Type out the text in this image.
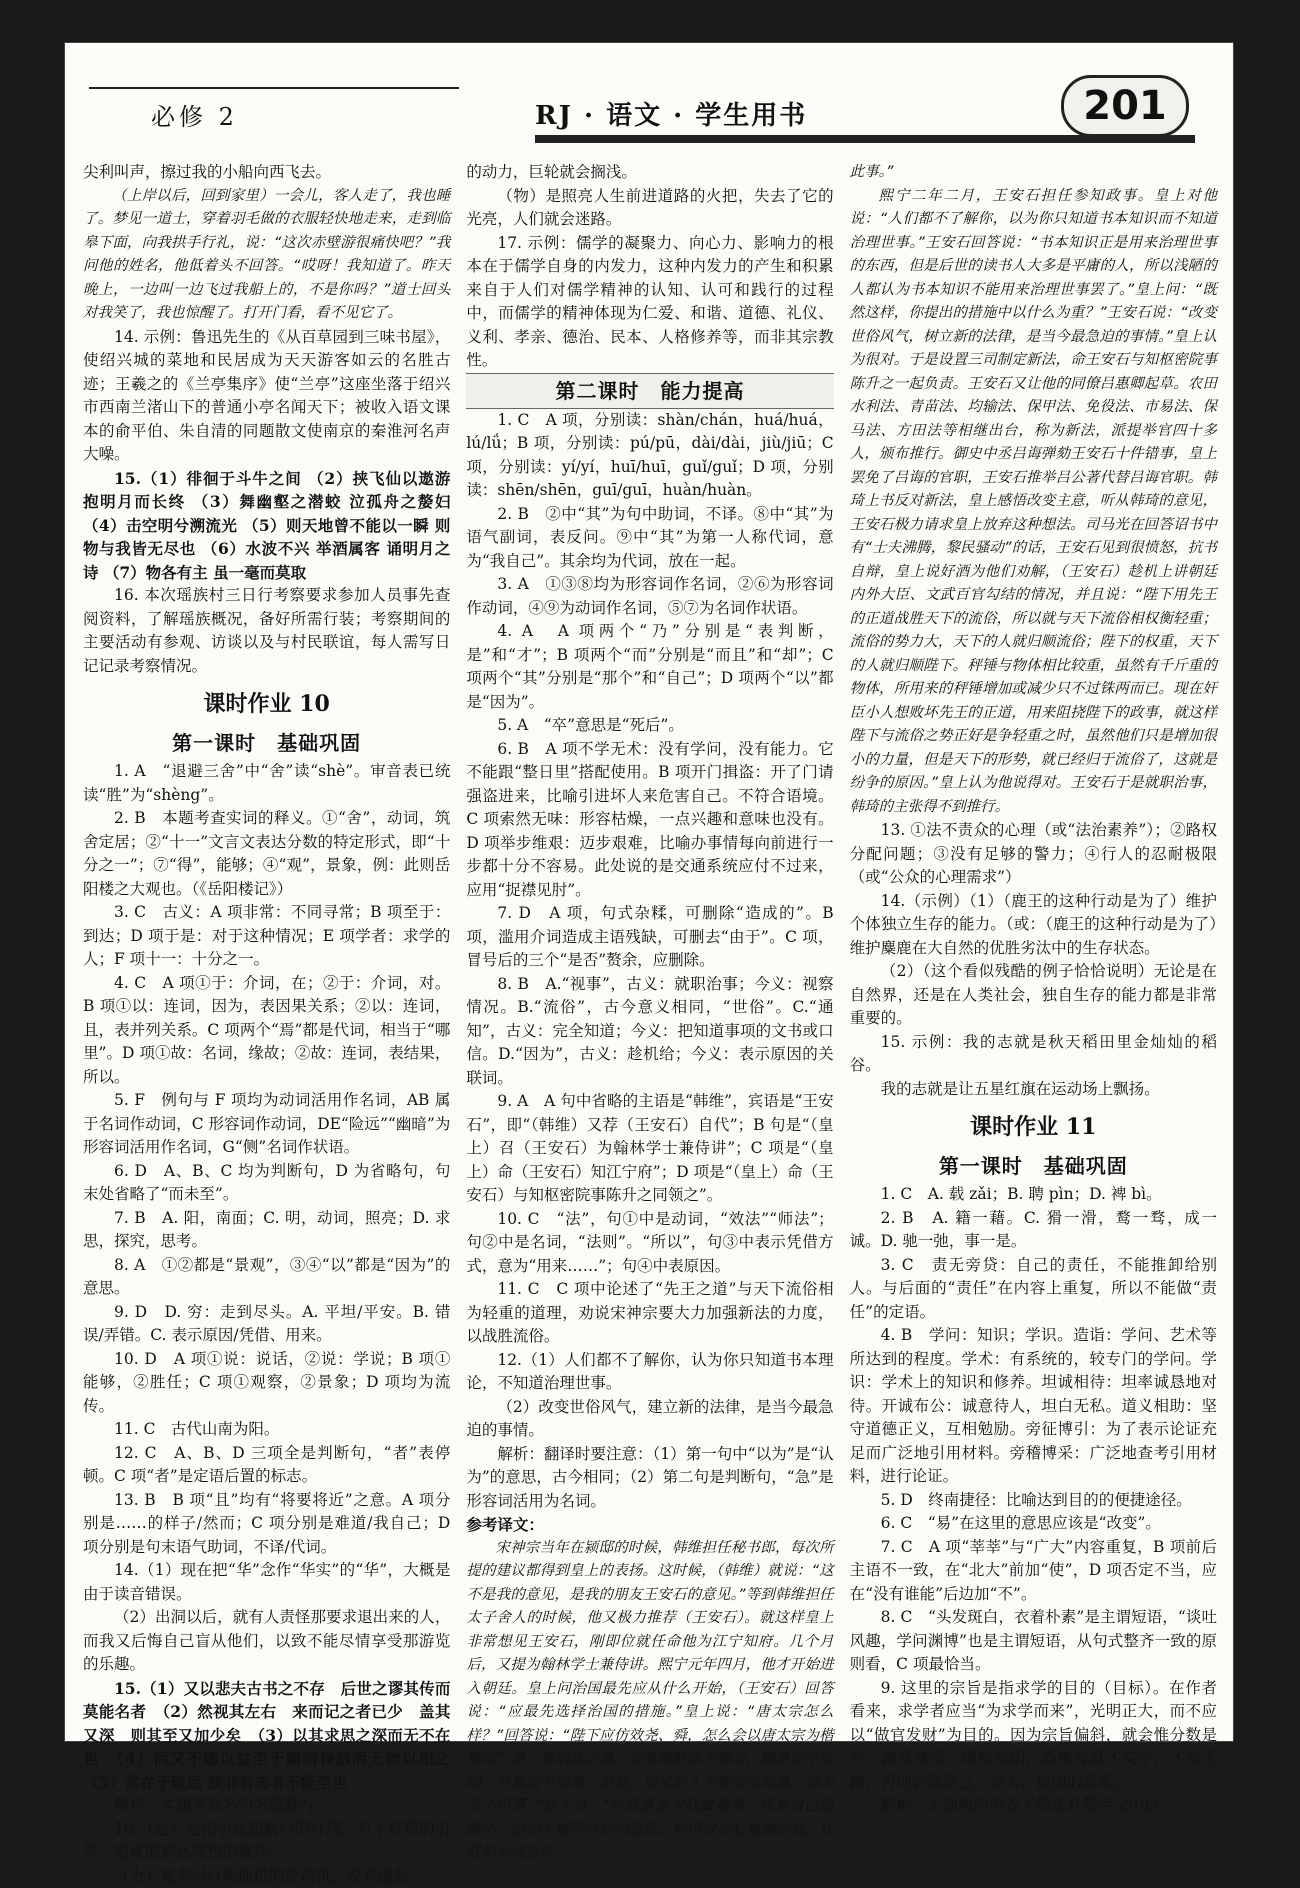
必修 2	RJ · 语文 · 学生用书	201

尖利叫声，擦过我的小船向西飞去。

（上岸以后，回到家里）一会儿，客人走了，我也睡了。梦见一道士，穿着羽毛做的衣服轻快地走来，走到临皋下面，向我拱手行礼，说：“这次赤壁游很痛快吧？”我问他的姓名，他低着头不回答。“哎呀！我知道了。昨天晚上，一边叫一边飞过我船上的，不是你吗？”道士回头对我笑了，我也惊醒了。打开门看，看不见它了。

14. 示例：鲁迅先生的《从百草园到三味书屋》，使绍兴城的菜地和民居成为天天游客如云的名胜古迹；王羲之的《兰亭集序》使“兰亭”这座坐落于绍兴市西南兰渚山下的普通小亭名闻天下；被收入语文课本的俞平伯、朱自清的同题散文使南京的秦淮河名声大噪。

15.（1）徘徊于斗牛之间 （2）挟飞仙以遨游 抱明月而长终 （3）舞幽壑之潜蛟 泣孤舟之嫠妇 （4）击空明兮溯流光 （5）则天地曾不能以一瞬 则物与我皆无尽也 （6）水波不兴 举酒属客 诵明月之诗 （7）物各有主 虽一毫而莫取

16. 本次瑶族村三日行考察要求参加人员事先查阅资料，了解瑶族概况，备好所需行装；考察期间的主要活动有参观、访谈以及与村民联谊，每人需写日记记录考察情况。

课时作业 10

第一课时　基础巩固

1. A　“退避三舍”中“舍”读“shè”。审音表已统读“胜”为“shèng”。

2. B　本题考查实词的释义。①“舍”，动词，筑舍定居；②“十一”文言文表达分数的特定形式，即“十分之一”；⑦“得”，能够；④“观”，景象，例：此则岳阳楼之大观也。（《岳阳楼记》）

3. C　古义：A 项非常：不同寻常；B 项至于：到达；D 项于是：对于这种情况；E 项学者：求学的人；F 项十一：十分之一。

4. C　A 项①于：介词，在；②于：介词，对。B 项①以：连词，因为，表因果关系；②以：连词，且，表并列关系。C 项两个“焉”都是代词，相当于“哪里”。D 项①故：名词，缘故；②故：连词，表结果，所以。

5. F　例句与 F 项均为动词活用作名词，AB 属于名词作动词，C 形容词作动词，DE“险远”“幽暗”为形容词活用作名词，G“侧”名词作状语。

6. D　A、B、C 均为判断句，D 为省略句，句末处省略了“而未至”。

7. B　A. 阳，南面；C. 明，动词，照亮；D. 求思，探究，思考。

8. A　①②都是“景观”，③④“以”都是“因为”的意思。

9. D　D. 穷：走到尽头。A. 平坦/平安。B. 错误/弄错。C. 表示原因/凭借、用来。

10. D　A 项①说：说话，②说：学说；B 项①能够，②胜任；C 项①观察，②景象；D 项均为流传。

11. C　古代山南为阳。

12. C　A、B、D 三项全是判断句，“者”表停顿。C 项“者”是定语后置的标志。

13. B　B 项“且”均有“将要将近”之意。A 项分别是……的样子/然而；C 项分别是难道/我自己；D 项分别是句末语气助词，不译/代词。

14.（1）现在把“华”念作“华实”的“华”，大概是由于读音错误。

（2）出洞以后，就有人责怪那要求退出来的人，而我又后悔自己盲从他们，以致不能尽情享受那游览的乐趣。

15.（1）又以悲夫古书之不存　后世之谬其传而莫能名者　（2）然视其左右　来而记之者已少　盖其又深　则其至又加少矣　（3）以其求思之深而无不在也　（4）而又不随以怠至于幽暗昏惑而无物以相之　（5）常在于险远 故非有志者不能至也

解析：本题考查名句名篇默写。

16.（志）是指引轮船航行的灯塔，有了灯塔的引导，船就能到达理想的彼岸。

（力）是牵引巨轮前进的发动机，没有强劲

的动力，巨轮就会搁浅。

（物）是照亮人生前进道路的火把，失去了它的光亮，人们就会迷路。

17. 示例：儒学的凝聚力、向心力、影响力的根本在于儒学自身的内发力，这种内发力的产生和积累来自于人们对儒学精神的认知、认可和践行的过程中，而儒学的精神体现为仁爱、和谐、道德、礼仪、义利、孝亲、德治、民本、人格修养等，而非其宗教性。

第二课时　能力提高

1. C　A 项，分别读：shàn/chán，huá/huá，lú/lǘ；B 项，分别读：pú/pū，dài/dài，jiù/jiū；C 项，分别读：yí/yí，huī/huī，guǐ/guǐ；D 项，分别读：shēn/shēn，guī/guī，huàn/huàn。

2. B　②中“其”为句中助词，不译。⑧中“其”为语气副词，表反问。⑨中“其”为第一人称代词，意为“我自己”。其余均为代词，放在一起。

3. A　①③⑧均为形容词作名词，②⑥为形容词作动词，④⑨为动词作名词，⑤⑦为名词作状语。

4. A　A 项两个“乃”分别是“表判断，是”和“才”；B 项两个“而”分别是“而且”和“却”；C 项两个“其”分别是“那个”和“自己”；D 项两个“以”都是“因为”。

5. A　“卒”意思是“死后”。

6. B　A 项不学无术：没有学问，没有能力。它不能跟“整日里”搭配使用。B 项开门揖盗：开了门请强盗进来，比喻引进坏人来危害自己。不符合语境。C 项索然无味：形容枯燥，一点兴趣和意味也没有。D 项举步维艰：迈步艰难，比喻办事情每向前进行一步都十分不容易。此处说的是交通系统应付不过来，应用“捉襟见肘”。

7. D　A 项，句式杂糅，可删除“造成的”。B 项，滥用介词造成主语残缺，可删去“由于”。C 项，冒号后的三个“是否”赘余，应删除。

8. B　A.“视事”，古义：就职治事；今义：视察情况。B.“流俗”，古今意义相同，“世俗”。C.“通知”，古义：完全知道；今义：把知道事项的文书或口信。D.“因为”，古义：趁机给；今义：表示原因的关联词。

9. A　A 句中省略的主语是“韩维”，宾语是“王安石”，即“（韩维）又荐（王安石）自代”；B 句是“（皇上）召（王安石）为翰林学士兼侍讲”；C 项是“（皇上）命（王安石）知江宁府”；D 项是“（皇上）命（王安石）与知枢密院事陈升之同领之”。

10. C　“法”，句①中是动词，“效法”“师法”；句②中是名词，“法则”。“所以”，句③中表示凭借方式，意为“用来……”；句④中表原因。

11. C　C 项中论述了“先王之道”与天下流俗相为轻重的道理，劝说宋神宗要大力加强新法的力度，以战胜流俗。

12.（1）人们都不了解你，认为你只知道书本理论，不知道治理世事。

（2）改变世俗风气，建立新的法律，是当今最急迫的事情。

解析：翻译时要注意：（1）第一句中“以为”是“认为”的意思，古今相同；（2）第二句是判断句，“急”是形容词活用为名词。

参考译文：

宋神宗当年在颍邸的时候，韩维担任秘书郎，每次所提的建议都得到皇上的表扬。这时候，（韩维）就说：“这不是我的意见，是我的朋友王安石的意见。”等到韩维担任太子舍人的时候，他又极力推荐（王安石）。就这样皇上非常想见王安石，刚即位就任命他为江宁知府。几个月后，又提为翰林学士兼侍讲。熙宁元年四月，他才开始进入朝廷。皇上问治国最先应从什么开始，（王安石）回答说：“应最先选择治国的措施。”皇上说：“唐太宗怎么样？”回答说：“陛下应仿效尧、舜，怎么会以唐太宗为楷模呢？尧、舜治政之道，非常简略而不繁杂，精要而不迂阔，容易而不烦难。但是，后来的人不能完全知道，以为高不可攀。”皇上说：“你真是要求我做难事，我看自己很渺小，恐怕不能符合你的意思。你可以尽心地辅助我，让我们共同完成

此事。”

熙宁二年二月，王安石担任参知政事。皇上对他说：“人们都不了解你，以为你只知道书本知识而不知道治理世事。”王安石回答说：“书本知识正是用来治理世事的东西，但是后世的读书人大多是平庸的人，所以浅陋的人都认为书本知识不能用来治理世事罢了。”皇上问：“既然这样，你提出的措施中以什么为重？”王安石说：“改变世俗风气，树立新的法律，是当今最急迫的事情。”皇上认为很对。于是设置三司制定新法，命王安石与知枢密院事陈升之一起负责。王安石又让他的同僚吕惠卿起草。农田水利法、青苗法、均输法、保甲法、免役法、市易法、保马法、方田法等相继出台，称为新法，派提举官四十多人，颁布推行。御史中丞吕诲弹劾王安石十件错事，皇上罢免了吕诲的官职，王安石推举吕公著代替吕诲官职。韩琦上书反对新法，皇上感悟改变主意，听从韩琦的意见，王安石极力请求皇上放弃这种想法。司马光在回答诏书中有“士夫沸腾，黎民骚动”的话，王安石见到很愤怒，抗书自辩，皇上说好酒为他们劝解，（王安石）趁机上讲朝廷内外大臣、文武百官勾结的情况，并且说：“陛下用先王的正道战胜天下的流俗，所以就与天下流俗相权衡轻重；流俗的势力大，天下的人就归顺流俗；陛下的权重，天下的人就归顺陛下。秤锤与物体相比较重，虽然有千斤重的物体，所用来的秤锤增加或减少只不过铢两而已。现在奸臣小人想败坏先王的正道，用来阻挠陛下的政事，就这样陛下与流俗之势正好是争轻重之时，虽然他们只是增加很小的力量，但是天下的形势，就已经归于流俗了，这就是纷争的原因。”皇上认为他说得对。王安石于是就职治事，韩琦的主张得不到推行。

13. ①法不责众的心理（或“法治素养”）；②路权分配问题；③没有足够的警力；④行人的忍耐极限（或“公众的心理需求”）

14.（示例）（1）（鹿王的这种行动是为了）维护个体独立生存的能力。（或：（鹿王的这种行动是为了）维护麋鹿在大自然的优胜劣汰中的生存状态。

（2）（这个看似残酷的例子恰恰说明）无论是在自然界，还是在人类社会，独自生存的能力都是非常重要的。

15. 示例：我的志就是秋天稻田里金灿灿的稻谷。

我的志就是让五星红旗在运动场上飘扬。

课时作业 11

第一课时　基础巩固

1. C　A. 载 zǎi；B. 聘 pìn；D. 裨 bì。

2. B　A. 籍一藉。C. 猾一滑，鹜一骛，成一诚。D. 驰一弛，事一是。

3. C　责无旁贷：自己的责任，不能推卸给别人。与后面的“责任”在内容上重复，所以不能做“责任”的定语。

4. B　学问：知识；学识。造诣：学问、艺术等所达到的程度。学术：有系统的，较专门的学问。学识：学术上的知识和修养。坦诚相待：坦率诚恳地对待。开诚布公：诚意待人，坦白无私。道义相助：坚守道德正义，互相勉励。旁征博引：为了表示论证充足而广泛地引用材料。旁稽博采：广泛地查考引用材料，进行论证。

5. D　终南捷径：比喻达到目的的便捷途径。

6. C　“易”在这里的意思应该是“改变”。

7. C　A 项“莘莘”与“广大”内容重复，B 项前后主语不一致，在“北大”前加“使”，D 项否定不当，应在“没有谁能”后边加“不”。

8. C　“头发斑白，衣着朴素”是主谓短语，“谈吐风趣，学问渊博”也是主谓短语，从句式整齐一致的原则看，C 项最恰当。

9. 这里的宗旨是指求学的目的（目标）。在作者看来，求学者应当“为求学而来”，光明正大，而不应以“做官发财”为目的。因为宗旨偏斜，就会惟分数是争、潦草塞责、虚度光阴，而唯有真才实学，才是正路，否则会致误己、误人、误国的恶果。

解析：上面两问考查了筛选并整合文中信
